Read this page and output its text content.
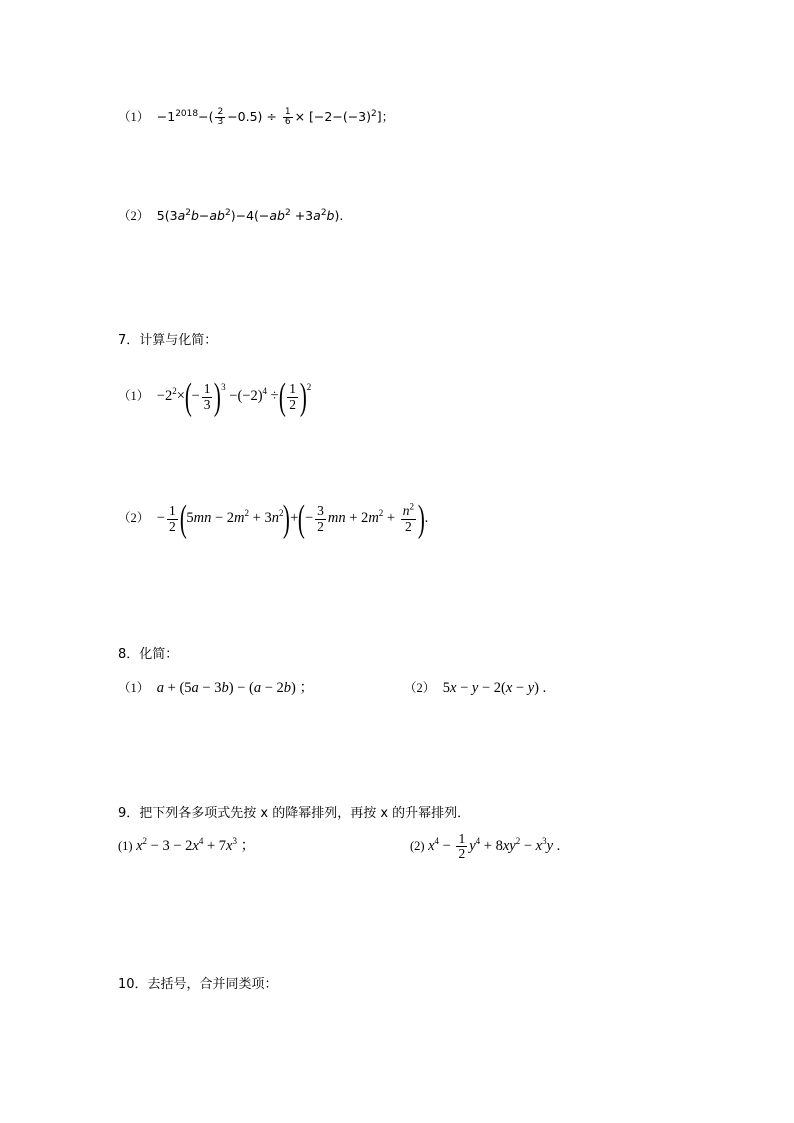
$(1) -1^{2018}-( \frac{2}{3} -0.5) \div \frac{1}{6} \times [-2-(-3)^2]$；
（2） $5(3a^2b-ab^2)-4(-ab^2 +3a^2b)$.
7．计算与化简：
$(1) -2^2\times(- \frac{1}{3} )^3 -(-2)^4$ ÷( $\frac{1}{2} )^2$
$(2) - \frac{1}{2} (5mn - 2m^2 + 3n^2)+(- \frac{3}{2}$ mn + $2m^2 + \frac{n^2}{2}$ ).
8．化简：
（1） a + (5a − 3b) − (a − 2b) ；	（2） 5x − y − 2(x − y) .
9．把下列各多项式先按 x 的降幂排列，再按 x 的升幂排列．
(1) $x^2 - 3 - 2x^4 + 7x^3$ ；	(2) $x^4 - \frac{1}{2} y^4 + 8xy^2 - x^3y$ .
10．去括号，合并同类项：
